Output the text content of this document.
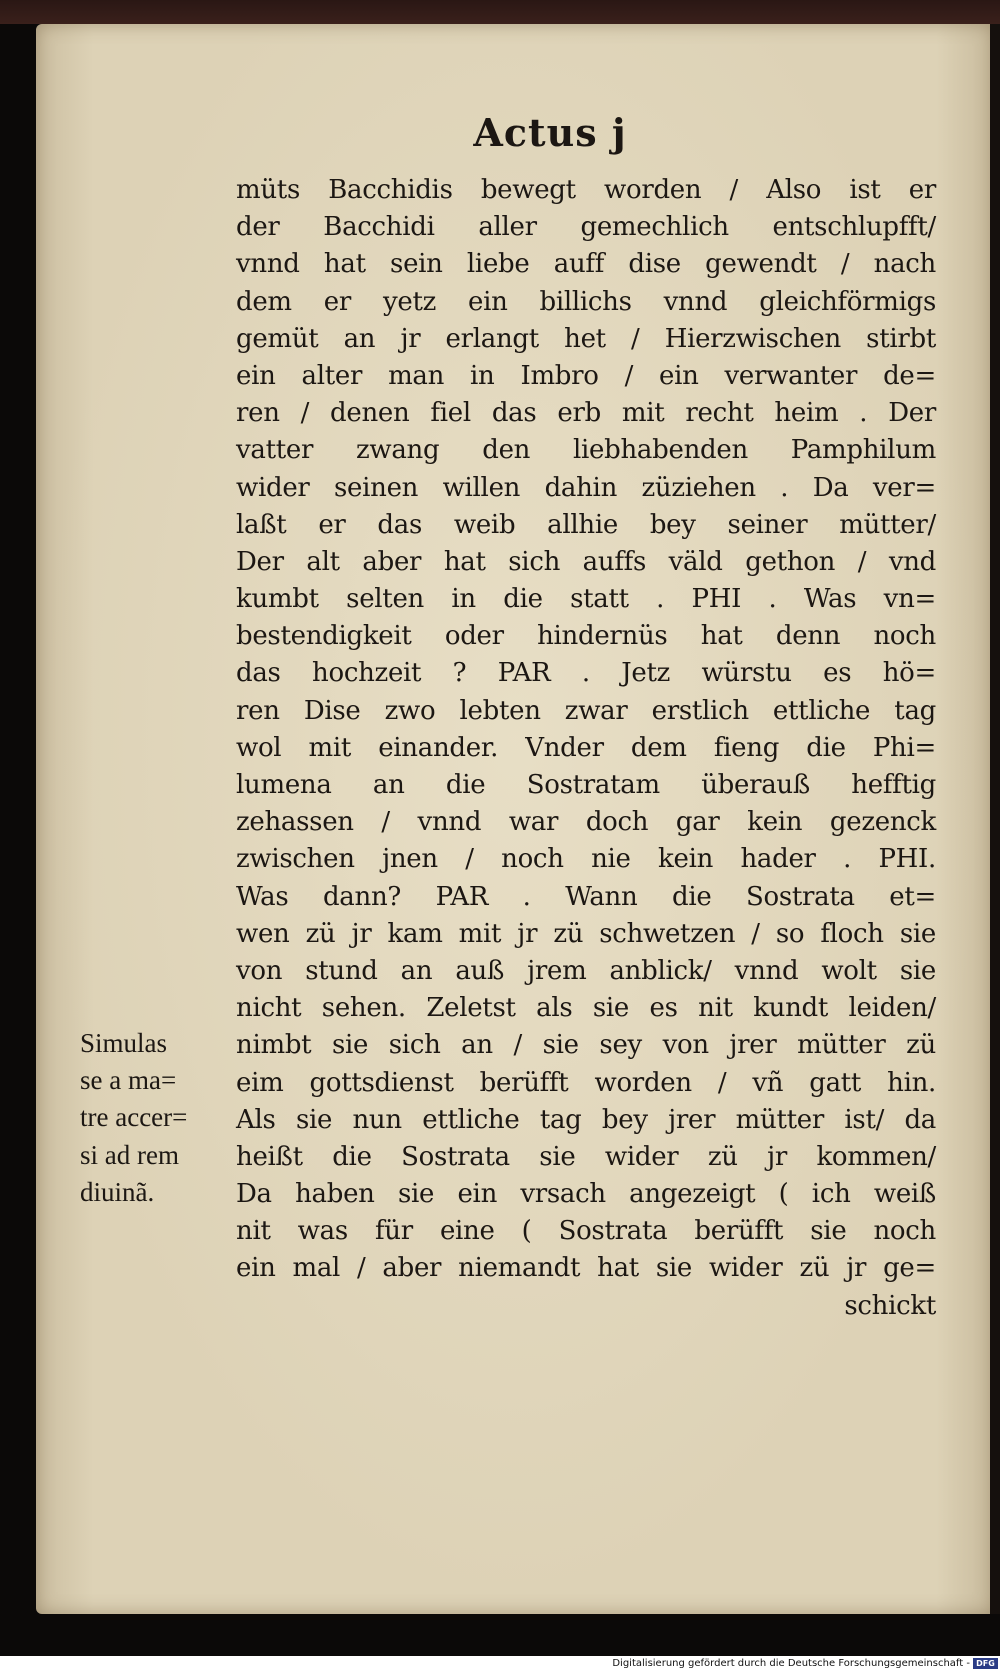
Actus j
müts Bacchidis bewegt worden / Also ist er
der Bacchidi aller gemechlich entschlupfft/
vnnd hat sein liebe auff dise gewendt / nach
dem er yetz ein billichs vnnd gleichförmigs
gemüt an jr erlangt het / Hierzwischen stirbt
ein alter man in Imbro / ein verwanter de=
ren / denen fiel das erb mit recht heim . Der
vatter zwang den liebhabenden Pamphilum
wider seinen willen dahin züziehen . Da ver=
laßt er das weib allhie bey seiner mütter/
Der alt aber hat sich auffs väld gethon / vnd
kumbt selten in die statt . PHI . Was vn=
bestendigkeit oder hindernüs hat denn noch
das hochzeit ? PAR . Jetz würstu es hö=
ren Dise zwo lebten zwar erstlich ettliche tag
wol mit einander. Vnder dem fieng die Phi=
lumena an die Sostratam überauß hefftig
zehassen / vnnd war doch gar kein gezenck
zwischen jnen / noch nie kein hader . PHI.
Was dann? PAR . Wann die Sostrata et=
wen zü jr kam mit jr zü schwetzen / so floch sie
von stund an auß jrem anblick/ vnnd wolt sie
nicht sehen. Zeletst als sie es nit kundt leiden/
nimbt sie sich an / sie sey von jrer mütter zü
eim gottsdienst berüfft worden / vñ gatt hin.
Als sie nun ettliche tag bey jrer mütter ist/ da
heißt die Sostrata sie wider zü jr kommen/
Da haben sie ein vrsach angezeigt ( ich weiß
nit was für eine ( Sostrata berüfft sie noch
ein mal / aber niemandt hat sie wider zü jr ge=
schickt
Simulas
se a ma=
tre accer=
si ad rem
diuinã.
Digitalisierung gefördert durch die Deutsche Forschungsgemeinschaft - DFG
